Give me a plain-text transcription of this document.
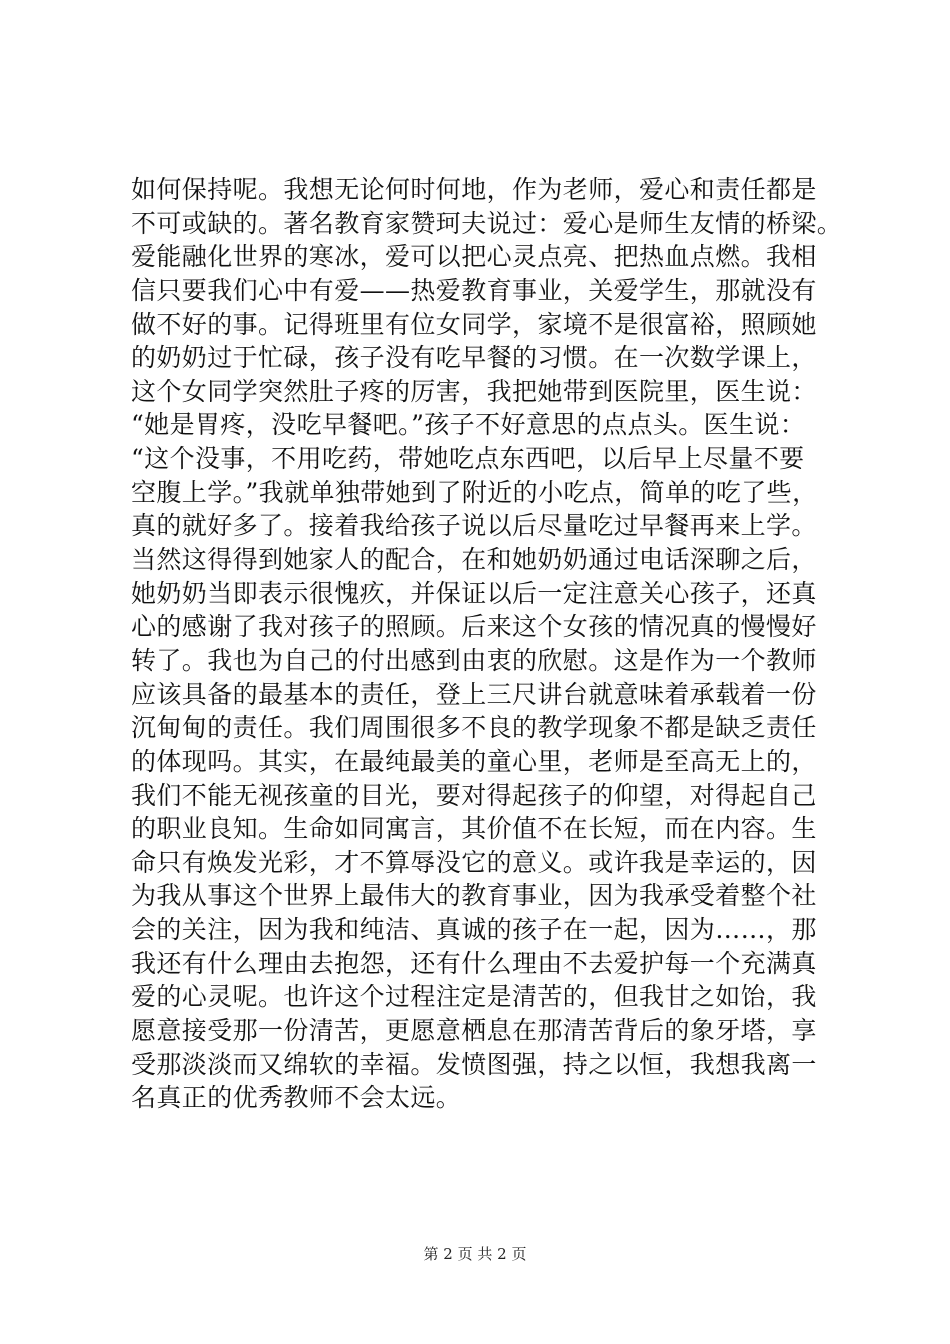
如何保持呢。我想无论何时何地，作为老师，爱心和责任都是
不可或缺的。著名教育家赞珂夫说过：爱心是师生友情的桥梁。
爱能融化世界的寒冰，爱可以把心灵点亮、把热血点燃。我相
信只要我们心中有爱——热爱教育事业，关爱学生，那就没有
做不好的事。记得班里有位女同学，家境不是很富裕，照顾她
的奶奶过于忙碌，孩子没有吃早餐的习惯。在一次数学课上，
这个女同学突然肚子疼的厉害，我把她带到医院里，医生说：
“她是胃疼，没吃早餐吧。”孩子不好意思的点点头。医生说：
“这个没事，不用吃药，带她吃点东西吧，以后早上尽量不要
空腹上学。”我就单独带她到了附近的小吃点，简单的吃了些，
真的就好多了。接着我给孩子说以后尽量吃过早餐再来上学。
当然这得得到她家人的配合，在和她奶奶通过电话深聊之后，
她奶奶当即表示很愧疚，并保证以后一定注意关心孩子，还真
心的感谢了我对孩子的照顾。后来这个女孩的情况真的慢慢好
转了。我也为自己的付出感到由衷的欣慰。这是作为一个教师
应该具备的最基本的责任，登上三尺讲台就意味着承载着一份
沉甸甸的责任。我们周围很多不良的教学现象不都是缺乏责任
的体现吗。其实，在最纯最美的童心里，老师是至高无上的，
我们不能无视孩童的目光，要对得起孩子的仰望，对得起自己
的职业良知。生命如同寓言，其价值不在长短，而在内容。生
命只有焕发光彩，才不算辱没它的意义。或许我是幸运的，因
为我从事这个世界上最伟大的教育事业，因为我承受着整个社
会的关注，因为我和纯洁、真诚的孩子在一起，因为……，那
我还有什么理由去抱怨，还有什么理由不去爱护每一个充满真
爱的心灵呢。也许这个过程注定是清苦的，但我甘之如饴，我
愿意接受那一份清苦，更愿意栖息在那清苦背后的象牙塔，享
受那淡淡而又绵软的幸福。发愤图强，持之以恒，我想我离一
名真正的优秀教师不会太远。
第 2 页 共 2 页
